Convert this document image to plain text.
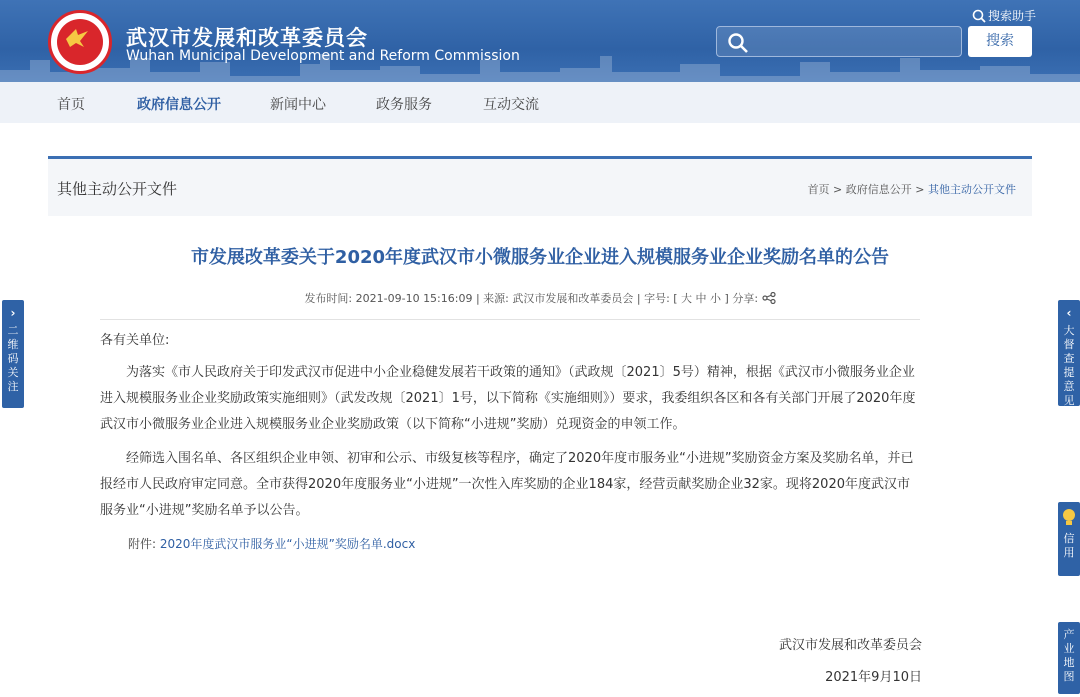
武汉市发展和改革委员会
Wuhan Municipal Development and Reform Commission
搜索助手
搜索
首页	政府信息公开	新闻中心	政务服务	互动交流
其他主动公开文件	首页 > 政府信息公开 > 其他主动公开文件
市发展改革委关于2020年度武汉市小微服务业企业进入规模服务业企业奖励名单的公告
发布时间: 2021-09-10 15:16:09 | 来源: 武汉市发展和改革委员会 | 字号: [ 大 中 小 ] 分享:
各有关单位:
为落实《市人民政府关于印发武汉市促进中小企业稳健发展若干政策的通知》（武政规〔2021〕5号）精神，根据《武汉市小微服务业企业进入规模服务业企业奖励政策实施细则》（武发改规〔2021〕1号，以下简称《实施细则》）要求，我委组织各区和各有关部门开展了2020年度武汉市小微服务业企业进入规模服务业企业奖励政策（以下简称“小进规”奖励）兑现资金的申领工作。
经筛选入围名单、各区组织企业申领、初审和公示、市级复核等程序，确定了2020年度市服务业“小进规”奖励资金方案及奖励名单，并已报经市人民政府审定同意。全市获得2020年度服务业“小进规”一次性入库奖励的企业184家，经营贡献奖励企业32家。现将2020年度武汉市服务业“小进规”奖励名单予以公告。
附件: 2020年度武汉市服务业“小进规”奖励名单.docx
武汉市发展和改革委员会
2021年9月10日
›
二维码关注
‹
大督查提意见
信用
产业地图
